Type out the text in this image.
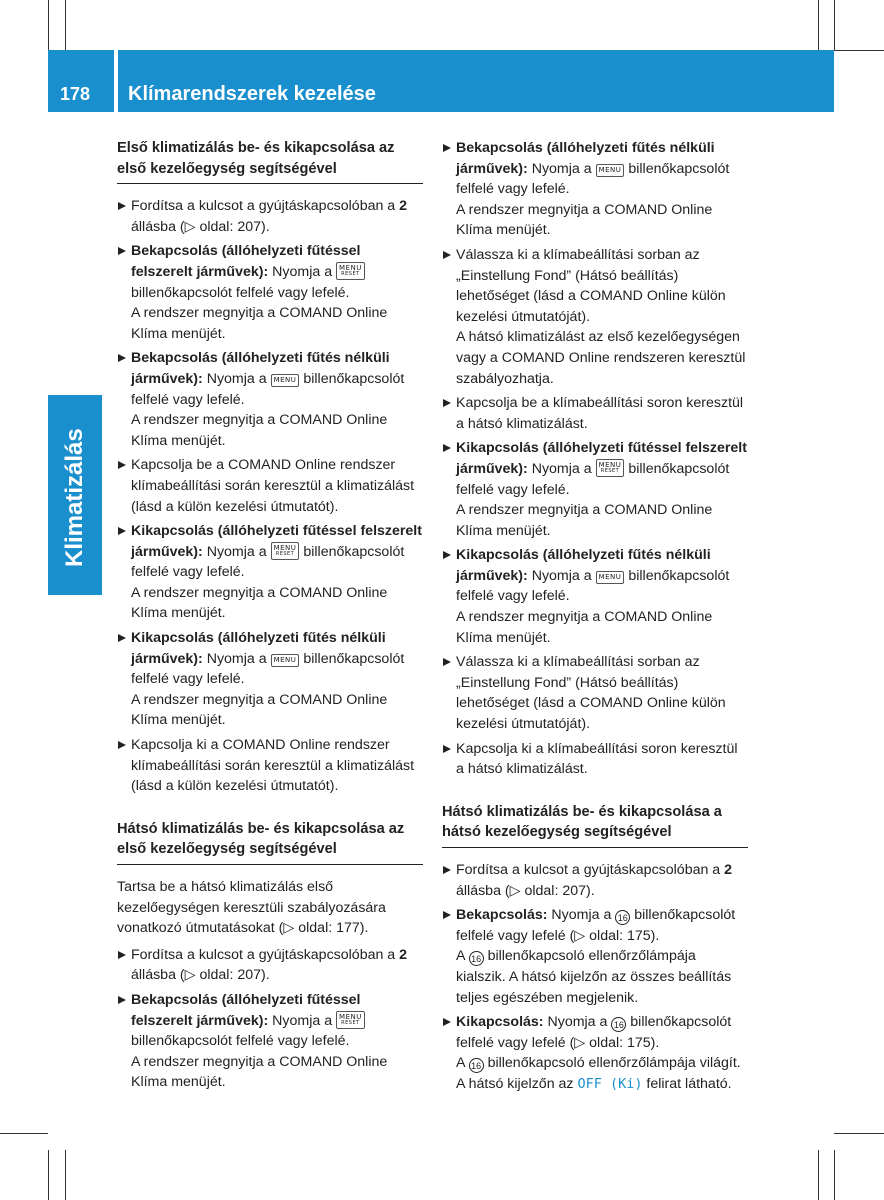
178	Klímarendszerek kezelése
Klimatizálás
Első klimatizálás be- és kikapcsolása az első kezelőegység segítségével
Fordítsa a kulcsot a gyújtáskapcsolóban a 2 állásba (▷ oldal: 207).
Bekapcsolás (állóhelyzeti fűtéssel felszerelt járművek): Nyomja a MENU
RESET
billenőkapcsolót felfelé vagy lefelé.
A rendszer megnyitja a COMAND Online Klíma menüjét.
Bekapcsolás (állóhelyzeti fűtés nélküli járművek): Nyomja a MENU billenőkapcsolót felfelé vagy lefelé.
A rendszer megnyitja a COMAND Online Klíma menüjét.
Kapcsolja be a COMAND Online rendszer klímabeállítási során keresztül a klimatizálást (lásd a külön kezelési útmutatót).
Kikapcsolás (állóhelyzeti fűtéssel felszerelt járművek): Nyomja a MENU
RESET billenőkapcsolót felfelé vagy lefelé.
A rendszer megnyitja a COMAND Online Klíma menüjét.
Kikapcsolás (állóhelyzeti fűtés nélküli járművek): Nyomja a MENU billenőkapcsolót felfelé vagy lefelé.
A rendszer megnyitja a COMAND Online Klíma menüjét.
Kapcsolja ki a COMAND Online rendszer klímabeállítási során keresztül a klimatizálást (lásd a külön kezelési útmutatót).
Hátsó klimatizálás be- és kikapcsolása az első kezelőegység segítségével

Tartsa be a hátsó klimatizálás első kezelőegységen keresztüli szabályozására vonatkozó útmutatásokat (▷ oldal: 177).

Fordítsa a kulcsot a gyújtáskapcsolóban a 2 állásba (▷ oldal: 207).
Bekapcsolás (állóhelyzeti fűtéssel felszerelt járművek): Nyomja a MENU
RESET
billenőkapcsolót felfelé vagy lefelé.
A rendszer megnyitja a COMAND Online Klíma menüjét.
Bekapcsolás (állóhelyzeti fűtés nélküli járművek): Nyomja a MENU billenőkapcsolót felfelé vagy lefelé.
A rendszer megnyitja a COMAND Online Klíma menüjét.
Válassza ki a klímabeállítási sorban az „Einstellung Fond” (Hátsó beállítás) lehetőséget (lásd a COMAND Online külön kezelési útmutatóját).
A hátsó klimatizálást az első kezelőegységen vagy a COMAND Online rendszeren keresztül szabályozhatja.
Kapcsolja be a klímabeállítási soron keresztül a hátsó klimatizálást.
Kikapcsolás (állóhelyzeti fűtéssel felszerelt járművek): Nyomja a MENU
RESET billenőkapcsolót felfelé vagy lefelé.
A rendszer megnyitja a COMAND Online Klíma menüjét.
Kikapcsolás (állóhelyzeti fűtés nélküli járművek): Nyomja a MENU billenőkapcsolót felfelé vagy lefelé.
A rendszer megnyitja a COMAND Online Klíma menüjét.
Válassza ki a klímabeállítási sorban az „Einstellung Fond” (Hátsó beállítás) lehetőséget (lásd a COMAND Online külön kezelési útmutatóját).
Kapcsolja ki a klímabeállítási soron keresztül a hátsó klimatizálást.
Hátsó klimatizálás be- és kikapcsolása a hátsó kezelőegység segítségével
Fordítsa a kulcsot a gyújtáskapcsolóban a 2 állásba (▷ oldal: 207).
Bekapcsolás: Nyomja a 16 billenőkapcsolót felfelé vagy lefelé (▷ oldal: 175).
A 16 billenőkapcsoló ellenőrzőlámpája kialszik. A hátsó kijelzőn az összes beállítás teljes egészében megjelenik.
Kikapcsolás: Nyomja a 16 billenőkapcsolót felfelé vagy lefelé (▷ oldal: 175).
A 16 billenőkapcsoló ellenőrzőlámpája világít. A hátsó kijelzőn az OFF (Ki) felirat látható.
